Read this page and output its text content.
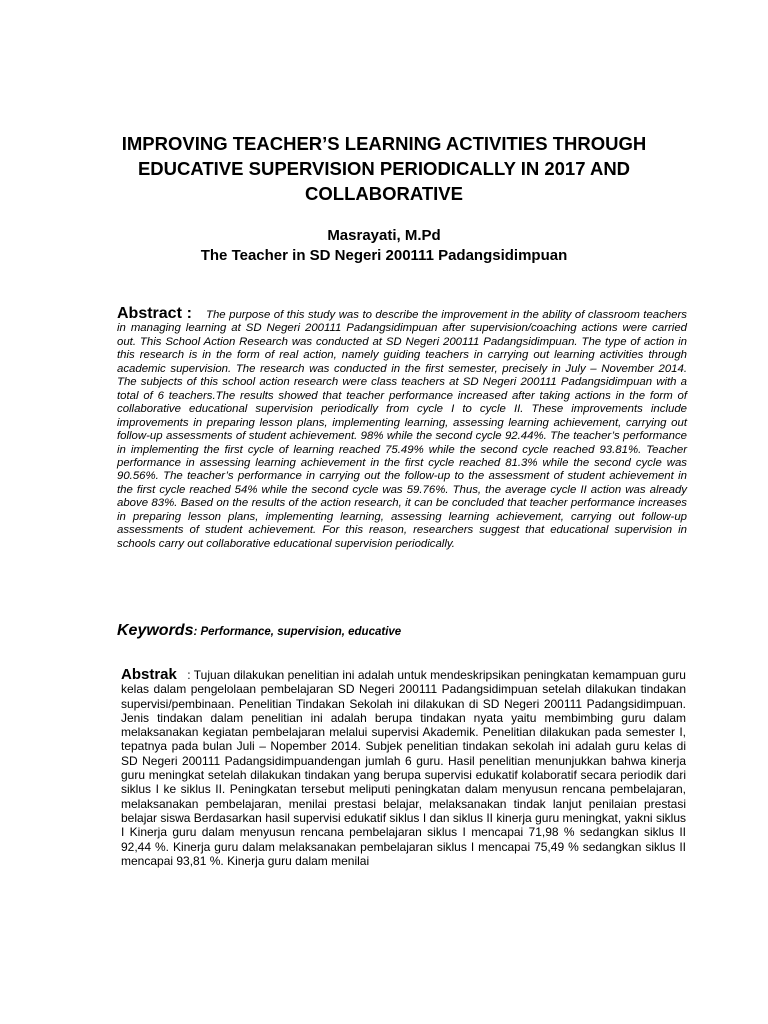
IMPROVING TEACHER’S LEARNING ACTIVITIES THROUGH
EDUCATIVE SUPERVISION PERIODICALLY IN 2017 AND
COLLABORATIVE
Masrayati, M.Pd
The Teacher in SD Negeri 200111 Padangsidimpuan
Abstract : The purpose of this study was to describe the improvement in the ability of classroom teachers in managing learning at SD Negeri 200111 Padangsidimpuan after supervision/coaching actions were carried out. This School Action Research was conducted at SD Negeri 200111 Padangsidimpuan. The type of action in this research is in the form of real action, namely guiding teachers in carrying out learning activities through academic supervision. The research was conducted in the first semester, precisely in July – November 2014. The subjects of this school action research were class teachers at SD Negeri 200111 Padangsidimpuan with a total of 6 teachers.The results showed that teacher performance increased after taking actions in the form of collaborative educational supervision periodically from cycle I to cycle II. These improvements include improvements in preparing lesson plans, implementing learning, assessing learning achievement, carrying out follow-up assessments of student achievement. 98% while the second cycle 92.44%. The teacher’s performance in implementing the first cycle of learning reached 75.49% while the second cycle reached 93.81%. Teacher performance in assessing learning achievement in the first cycle reached 81.3% while the second cycle was 90.56%. The teacher’s performance in carrying out the follow-up to the assessment of student achievement in the first cycle reached 54% while the second cycle was 59.76%. Thus, the average cycle II action was already above 83%. Based on the results of the action research, it can be concluded that teacher performance increases in preparing lesson plans, implementing learning, assessing learning achievement, carrying out follow-up assessments of student achievement. For this reason, researchers suggest that educational supervision in schools carry out collaborative educational supervision periodically.
Keywords: Performance, supervision, educative
Abstrak : Tujuan dilakukan penelitian ini adalah untuk mendeskripsikan peningkatan kemampuan guru kelas dalam pengelolaan pembelajaran SD Negeri 200111 Padangsidimpuan setelah dilakukan tindakan supervisi/pembinaan. Penelitian Tindakan Sekolah ini dilakukan di SD Negeri 200111 Padangsidimpuan. Jenis tindakan dalam penelitian ini adalah berupa tindakan nyata yaitu membimbing guru dalam melaksanakan kegiatan pembelajaran melalui supervisi Akademik. Penelitian dilakukan pada semester I, tepatnya pada bulan Juli – Nopember 2014. Subjek penelitian tindakan sekolah ini adalah guru kelas di SD Negeri 200111 Padangsidimpuandengan jumlah 6 guru. Hasil penelitian menunjukkan bahwa kinerja guru meningkat setelah dilakukan tindakan yang berupa supervisi edukatif kolaboratif secara periodik dari siklus I ke siklus II. Peningkatan tersebut meliputi peningkatan dalam menyusun rencana pembelajaran, melaksanakan pembelajaran, menilai prestasi belajar, melaksanakan tindak lanjut penilaian prestasi belajar siswa Berdasarkan hasil supervisi edukatif siklus I dan siklus II kinerja guru meningkat, yakni siklus I Kinerja guru dalam menyusun rencana pembelajaran siklus I mencapai 71,98 % sedangkan siklus II 92,44 %. Kinerja guru dalam melaksanakan pembelajaran siklus I mencapai 75,49 % sedangkan siklus II mencapai 93,81 %. Kinerja guru dalam menilai
